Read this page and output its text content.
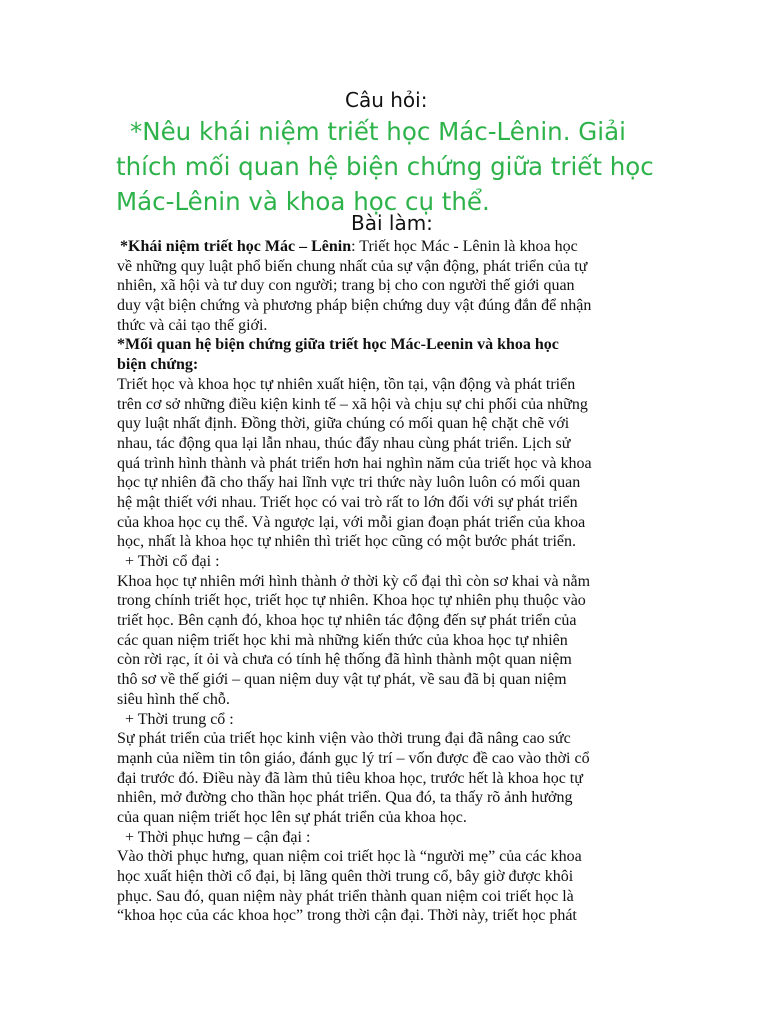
Câu hỏi:
*Nêu khái niệm triết học Mác-Lênin. Giải
thích mối quan hệ biện chứng giữa triết học
Mác-Lênin và khoa học cụ thể.
Bài làm:
*Khái niệm triết học Mác – Lênin: Triết học Mác - Lênin là khoa học
về những quy luật phổ biến chung nhất của sự vận động, phát triển của tự
nhiên, xã hội và tư duy con người; trang bị cho con người thế giới quan
duy vật biện chứng và phương pháp biện chứng duy vật đúng đắn để nhận
thức và cải tạo thế giới.
*Mối quan hệ biện chứng giữa triết học Mác-Leenin và khoa học
biện chứng:
Triết học và khoa học tự nhiên xuất hiện, tồn tại, vận động và phát triển
trên cơ sở những điều kiện kinh tế – xã hội và chịu sự chi phối của những
quy luật nhất định. Đồng thời, giữa chúng có mối quan hệ chặt chẽ với
nhau, tác động qua lại lẫn nhau, thúc đẩy nhau cùng phát triển. Lịch sử
quá trình hình thành và phát triển hơn hai nghìn năm của triết học và khoa
học tự nhiên đã cho thấy hai lĩnh vực tri thức này luôn luôn có mối quan
hệ mật thiết với nhau. Triết học có vai trò rất to lớn đối với sự phát triển
của khoa học cụ thể. Và ngược lại, với mỗi gian đoạn phát triển của khoa
học, nhất là khoa học tự nhiên thì triết học cũng có một bước phát triển.
+ Thời cổ đại :
Khoa học tự nhiên mới hình thành ở thời kỳ cổ đại thì còn sơ khai và nằm
trong chính triết học, triết học tự nhiên. Khoa học tự nhiên phụ thuộc vào
triết học. Bên cạnh đó, khoa học tự nhiên tác động đến sự phát triển của
các quan niệm triết học khi mà những kiến thức của khoa học tự nhiên
còn rời rạc, ít ỏi và chưa có tính hệ thống đã hình thành một quan niệm
thô sơ về thế giới – quan niệm duy vật tự phát, về sau đã bị quan niệm
siêu hình thế chỗ.
+ Thời trung cổ :
Sự phát triển của triết học kinh viện vào thời trung đại đã nâng cao sức
mạnh của niềm tin tôn giáo, đánh gục lý trí – vốn được đề cao vào thời cổ
đại trước đó. Điều này đã làm thủ tiêu khoa học, trước hết là khoa học tự
nhiên, mở đường cho thần học phát triển. Qua đó, ta thấy rõ ảnh hưởng
của quan niệm triết học lên sự phát triển của khoa học.
+ Thời phục hưng – cận đại :
Vào thời phục hưng, quan niệm coi triết học là “người mẹ” của các khoa
học xuất hiện thời cổ đại, bị lãng quên thời trung cổ, bây giờ được khôi
phục. Sau đó, quan niệm này phát triển thành quan niệm coi triết học là
“khoa học của các khoa học” trong thời cận đại. Thời này, triết học phát
